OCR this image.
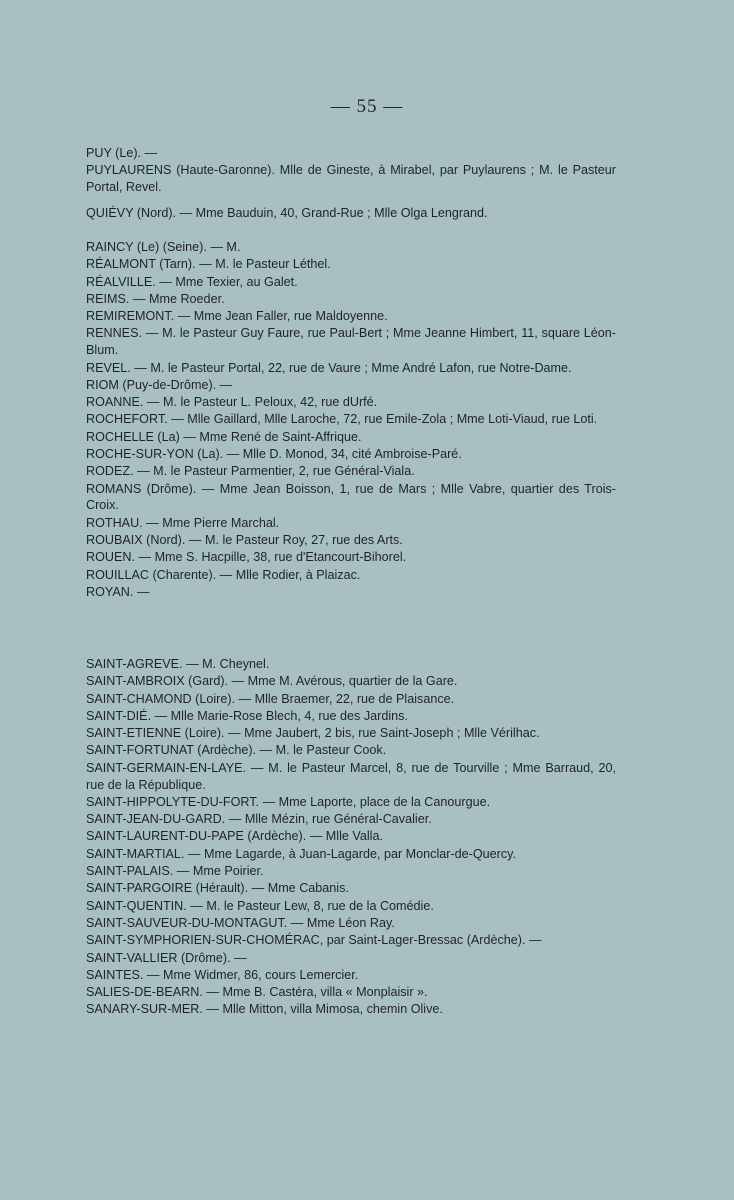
— 55 —

PUY (Le). —

PUYLAURENS (Haute-Garonne). Mlle de Gineste, à Mirabel, par Puylaurens ; M. le Pasteur Portal, Revel.

QUIÉVY (Nord). — Mme Bauduin, 40, Grand-Rue ; Mlle Olga Lengrand.

RAINCY (Le) (Seine). — M.

RÉALMONT (Tarn). — M. le Pasteur Léthel.

RÉALVILLE. — Mme Texier, au Galet.

REIMS. — Mme Roeder.

REMIREMONT. — Mme Jean Faller, rue Maldoyenne.

RENNES. — M. le Pasteur Guy Faure, rue Paul-Bert ; Mme Jeanne Himbert, 11, square Léon-Blum.

REVEL. — M. le Pasteur Portal, 22, rue de Vaure ; Mme André Lafon, rue Notre-Dame.

RIOM (Puy-de-Drôme). —

ROANNE. — M. le Pasteur L. Peloux, 42, rue dUrfé.

ROCHEFORT. — Mlle Gaillard, Mlle Laroche, 72, rue Emile-Zola ; Mme Loti-Viaud, rue Loti.

ROCHELLE (La) — Mme René de Saint-Affrique.

ROCHE-SUR-YON (La). — Mlle D. Monod, 34, cité Ambroise-Paré.

RODEZ. — M. le Pasteur Parmentier, 2, rue Général-Viala.

ROMANS (Drôme). — Mme Jean Boisson, 1, rue de Mars ; Mlle Vabre, quartier des Trois-Croix.

ROTHAU. — Mme Pierre Marchal.

ROUBAIX (Nord). — M. le Pasteur Roy, 27, rue des Arts.

ROUEN. — Mme S. Hacpille, 38, rue d'Etancourt-Bihorel.

ROUILLAC (Charente). — Mlle Rodier, à Plaizac.

ROYAN. —

SAINT-AGREVE. — M. Cheynel.

SAINT-AMBROIX (Gard). — Mme M. Avérous, quartier de la Gare.

SAINT-CHAMOND (Loire). — Mlle Braemer, 22, rue de Plaisance.

SAINT-DIÉ. — Mlle Marie-Rose Blech, 4, rue des Jardins.

SAINT-ETIENNE (Loire). — Mme Jaubert, 2 bis, rue Saint-Joseph ; Mlle Vérilhac.

SAINT-FORTUNAT (Ardèche). — M. le Pasteur Cook.

SAINT-GERMAIN-EN-LAYE. — M. le Pasteur Marcel, 8, rue de Tourville ; Mme Barraud, 20, rue de la République.

SAINT-HIPPOLYTE-DU-FORT. — Mme Laporte, place de la Canourgue.

SAINT-JEAN-DU-GARD. — Mlle Mézin, rue Général-Cavalier.

SAINT-LAURENT-DU-PAPE (Ardèche). — Mlle Valla.

SAINT-MARTIAL. — Mme Lagarde, à Juan-Lagarde, par Monclar-de-Quercy.

SAINT-PALAIS. — Mme Poirier.

SAINT-PARGOIRE (Hérault). — Mme Cabanis.

SAINT-QUENTIN. — M. le Pasteur Lew, 8, rue de la Comédie.

SAINT-SAUVEUR-DU-MONTAGUT. — Mme Léon Ray.

SAINT-SYMPHORIEN-SUR-CHOMÉRAC, par Saint-Lager-Bressac (Ardèche). —

SAINT-VALLIER (Drôme). —

SAINTES. — Mme Widmer, 86, cours Lemercier.

SALIES-DE-BEARN. — Mme B. Castéra, villa « Monplaisir ».

SANARY-SUR-MER. — Mlle Mitton, villa Mimosa, chemin Olive.
